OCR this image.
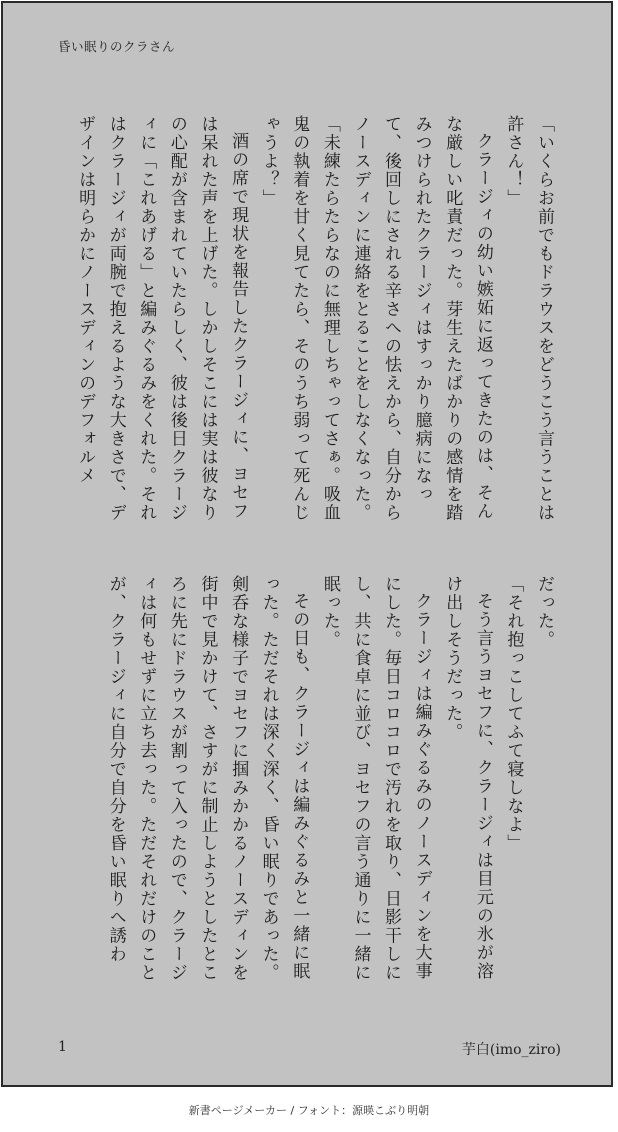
昏い眠りのクラさん

「いくらお前でもドラウスをどうこう言うことは許さん！」

クラージィの幼い嫉妬に返ってきたのは、そんな厳しい叱責だった。芽生えたばかりの感情を踏みつけられたクラージィはすっかり臆病になって、後回しにされる辛さへの怯えから、自分からノースディンに連絡をとることをしなくなった。

「未練たらたらなのに無理しちゃってさぁ。吸血鬼の執着を甘く見てたら、そのうち弱って死んじゃうよ？」

酒の席で現状を報告したクラージィに、ヨセフは呆れた声を上げた。しかしそこには実は彼なりの心配が含まれていたらしく、彼は後日クラージィに「これあげる」と編みぐるみをくれた。それはクラージィが両腕で抱えるような大きさで、デザインは明らかにノースディンのデフォルメ

だった。

「それ抱っこしてふて寝しなよ」

そう言うヨセフに、クラージィは目元の氷が溶け出しそうだった。

クラージィは編みぐるみのノースディンを大事にした。毎日コロコロで汚れを取り、日影干しにし、共に食卓に並び、ヨセフの言う通りに一緒に眠った。

その日も、クラージィは編みぐるみと一緒に眠った。ただそれは深く深く、昏い眠りであった。剣呑な様子でヨセフに掴みかかるノースディンを街中で見かけて、さすがに制止しようとしたところに先にドラウスが割って入ったので、クラージィは何もせずに立ち去った。ただそれだけのことが、クラージィに自分で自分を昏い眠りへ誘わ

1	芋白(imo_ziro)
新書ページメーカー / フォント：源暎こぶり明朝
